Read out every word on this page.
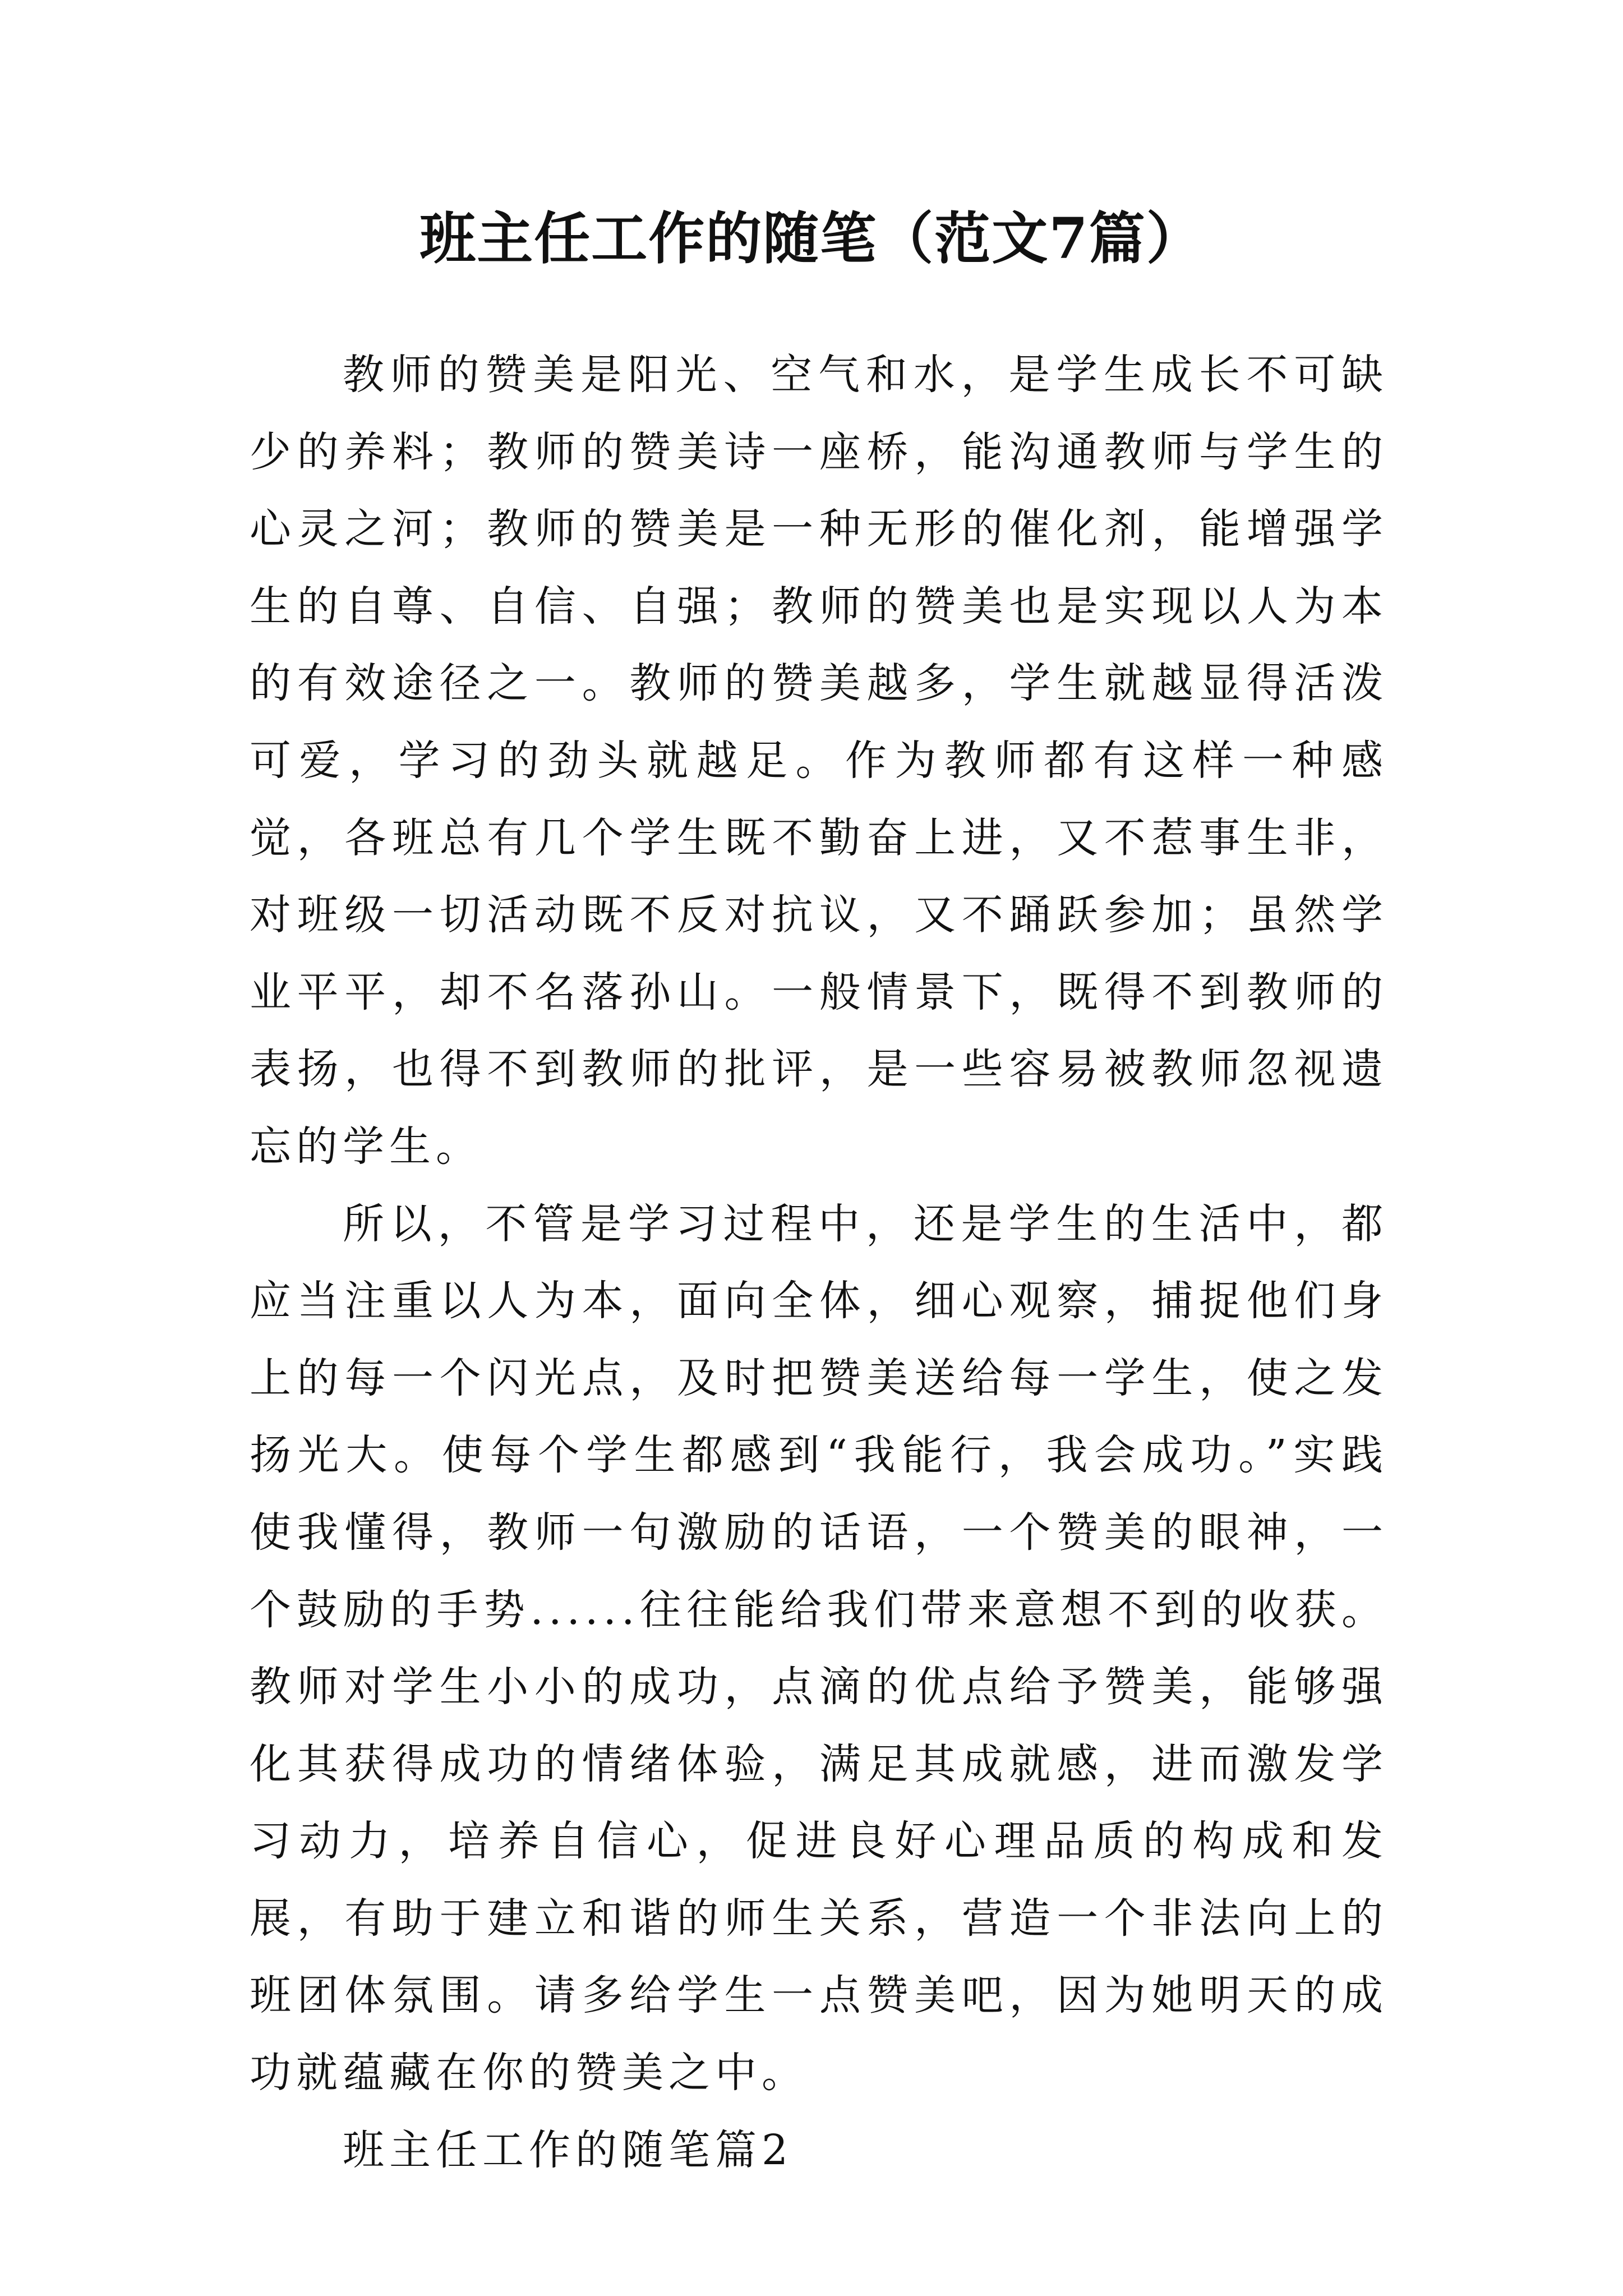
班主任工作的随笔（范文7篇）

教师的赞美是阳光、空气和水，是学生成长不可缺少的养料；教师的赞美诗一座桥，能沟通教师与学生的心灵之河；教师的赞美是一种无形的催化剂，能增强学生的自尊、自信、自强；教师的赞美也是实现以人为本的有效途径之一。教师的赞美越多，学生就越显得活泼可爱，学习的劲头就越足。作为教师都有这样一种感觉，各班总有几个学生既不勤奋上进，又不惹事生非，对班级一切活动既不反对抗议，又不踊跃参加；虽然学业平平，却不名落孙山。一般情景下，既得不到教师的表扬，也得不到教师的批评，是一些容易被教师忽视遗忘的学生。

所以，不管是学习过程中，还是学生的生活中，都应当注重以人为本，面向全体，细心观察，捕捉他们身上的每一个闪光点，及时把赞美送给每一学生，使之发扬光大。使每个学生都感到“我能行，我会成功。”实践使我懂得，教师一句激励的话语，一个赞美的眼神，一个鼓励的手势......往往能给我们带来意想不到的收获。教师对学生小小的成功，点滴的优点给予赞美，能够强化其获得成功的情绪体验，满足其成就感，进而激发学习动力，培养自信心，促进良好心理品质的构成和发展，有助于建立和谐的师生关系，营造一个非法向上的班团体氛围。请多给学生一点赞美吧，因为她明天的成功就蕴藏在你的赞美之中。

班主任工作的随笔篇2
